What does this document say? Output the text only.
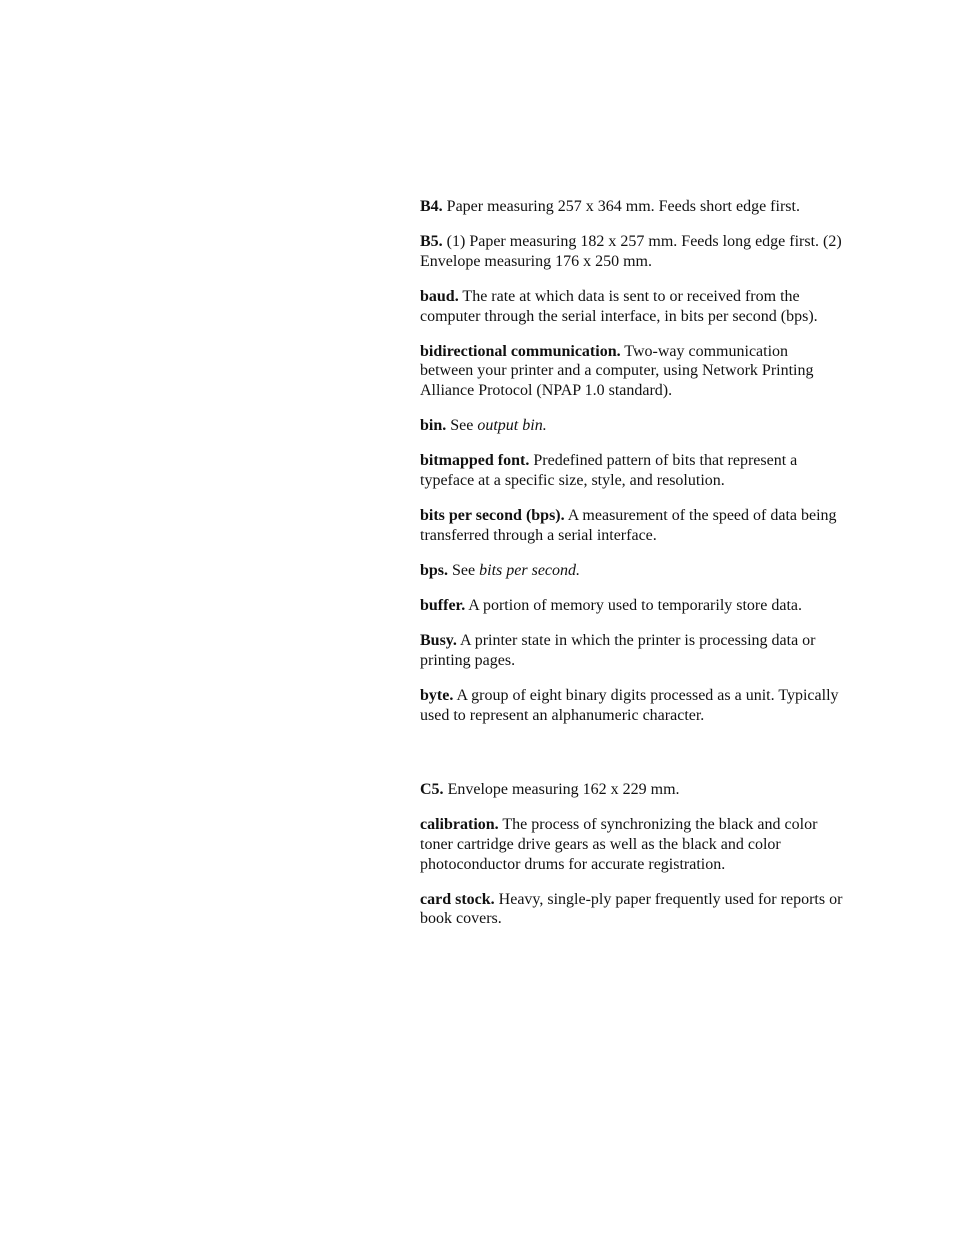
B4. Paper measuring 257 x 364 mm. Feeds short edge first.

B5. (1) Paper measuring 182 x 257 mm. Feeds long edge first. (2) Envelope measuring 176 x 250 mm.

baud. The rate at which data is sent to or received from the computer through the serial interface, in bits per second (bps).

bidirectional communication. Two-way communication between your printer and a computer, using Network Printing Alliance Protocol (NPAP 1.0 standard).

bin. See output bin.

bitmapped font. Predefined pattern of bits that represent a typeface at a specific size, style, and resolution.

bits per second (bps). A measurement of the speed of data being transferred through a serial interface.

bps. See bits per second.

buffer. A portion of memory used to temporarily store data.

Busy. A printer state in which the printer is processing data or printing pages.

byte. A group of eight binary digits processed as a unit. Typically used to represent an alphanumeric character.

C5. Envelope measuring 162 x 229 mm.

calibration. The process of synchronizing the black and color toner cartridge drive gears as well as the black and color photoconductor drums for accurate registration.

card stock. Heavy, single-ply paper frequently used for reports or book covers.
